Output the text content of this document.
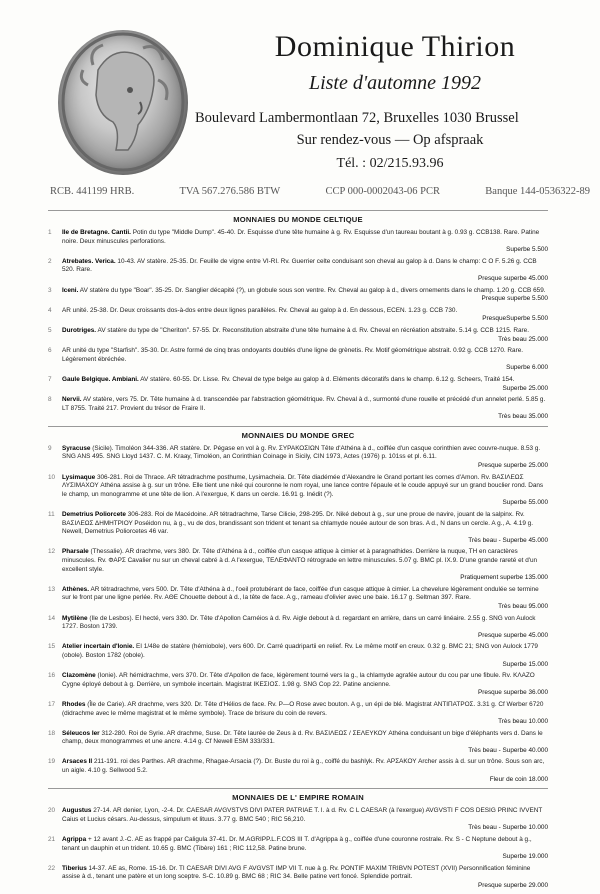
Dominique Thirion
Liste d'automne 1992
Boulevard Lambermontlaan 72, Bruxelles 1030 Brussel
Sur rendez-vous — Op afspraak
Tél. : 02/215.93.96
RCB. 441199 HRB.	TVA 567.276.586 BTW	CCP 000-0002043-06 PCR	Banque 144-0536322-89
MONNAIES DU MONDE CELTIQUE
1 Ile de Bretagne. Cantii. Potin du type "Middle Dump". 45-40. Dr. Esquisse d'une tête humaine à g. Rv. Esquisse d'un taureau boutant à g. 0.93 g. CCB138. Rare. Patine noire. Deux minuscules perforations.
Superbe 5.500
2 Atrebates. Verica. 10-43. AV statère. 25-35. Dr. Feuille de vigne entre VI-RI. Rv. Guerrier celte conduisant son cheval au galop à d. Dans le champ: C O F. 5.26 g. CCB 520. Rare.
Presque superbe 45.000
3 Iceni. AV statère du type "Boar". 35-25. Dr. Sanglier décapité (?), un globule sous son ventre. Rv. Cheval au galop à d., divers ornements dans le champ. 1.20 g. CCB 659.
Presque superbe 5.500
4 AR unité. 25-38. Dr. Deux croissants dos-à-dos entre deux lignes parallèles. Rv. Cheval au galop à d. En dessous, ECEN. 1.23 g. CCB 730.
PresqueSuperbe 5.500
5 Durotriges. AV statère du type de "Cheriton". 57-55. Dr. Reconstitution abstraite d'une tête humaine à d. Rv. Cheval en récréation abstraite. 5.14 g. CCB 1215. Rare.
Très beau 25.000
6 AR unité du type "Starfish". 35-30. Dr. Astre formé de cinq bras ondoyants doublés d'une ligne de grènetis. Rv. Motif géométrique abstrait. 0.92 g. CCB 1270. Rare. Légèrement ébréchée.
Superbe 6.000
7 Gaule Belgique. Ambiani. AV statère. 60-55. Dr. Lisse. Rv. Cheval de type belge au galop à d. Eléments décoratifs dans le champ. 6.12 g. Scheers, Traité 154.
Superbe 25.000
8 Nervii. AV statère, vers 75. Dr. Tête humaine à d. transcendée par l'abstraction géométrique. Rv. Cheval à d., surmonté d'une rouelle et précédé d'un annelet perlé. 5.85 g. LT 8755. Traité 217. Provient du trésor de Fraire II.
Très beau 35.000
MONNAIES DU MONDE GREC
9 Syracuse (Sicile). Timoléon 344-336. AR statère. Dr. Pégase en vol à g. Rv. ΣΥΡΑΚΟΣΙΩΝ Tête d'Athéna à d., coiffée d'un casque corinthien avec couvre-nuque. 8.53 g. SNG ANS 495. SNG Lloyd 1437. C. M. Kraay, Timoléon, an Corinthian Coinage in Sicily, CIN 1973, Actes (1976) p. 101ss et pl. 6.11.
Presque superbe 25.000
10 Lysimaque 306-281. Roi de Thrace. AR tétradrachme posthume, Lysimacheia. Dr. Tête diadémée d'Alexandre le Grand portant les cornes d'Amon. Rv. ΒΑΣΙΛΕΩΣ ΛΥΣΙΜΑΧΟΥ Athéna assise à g. sur un trône. Elle tient une niké qui couronne le nom royal, une lance contre l'épaule et le coude appuyé sur un grand bouclier rond. Dans le champ, un monogramme et une tête de lion. A l'exergue, K dans un cercle. 16.91 g. Inédit (?).
Superbe 55.000
11 Demetrius Poliorcete 306-283. Roi de Macédoine. AR tétradrachme, Tarse Cilicie, 298-295. Dr. Niké debout à g., sur une proue de navire, jouant de la salpinx. Rv. ΒΑΣΙΛΕΩΣ ΔΗΜΗΤΡΙΟΥ Poséidon nu, à g., vu de dos, brandissant son trident et tenant sa chlamyde nouée autour de son bras. A d., N dans un cercle. A g., A. 4.19 g. Newell, Demetrius Poliorcetes 46 var.
Très beau - Superbe 45.000
12 Pharsale (Thessalie). AR drachme, vers 380. Dr. Tête d'Athéna à d., coiffée d'un casque attique à cimier et à paragnathides. Derrière la nuque, TH en caractères minuscules. Rv. ΦΑΡΣ Cavalier nu sur un cheval cabré à d. A l'exergue, ΤΕΛΕΦΑΝΤΟ rétrograde en lettre minuscules. 5.07 g. BMC pl. IX.9. D'une grande rareté et d'un excellent style.
Pratiquement superbe 135.000
13 Athènes. AR tétradrachme, vers 500. Dr. Tête d'Athéna à d., l'oeil protubérant de face, coiffée d'un casque attique à cimier. La chevelure légèrement ondulée se termine sur le front par une ligne perlée. Rv. AΘE Chouette debout à d., la tête de face. A g., rameau d'olivier avec une baie. 16.17 g. Seltman 397. Rare.
Très beau 95.000
14 Mytilène (Ile de Lesbos). EI hecté, vers 330. Dr. Tête d'Apollon Carnéios à d. Rv. Aigle debout à d. regardant en arrière, dans un carré linéaire. 2.55 g. SNG von Aulock 1727. Boston 1739.
Presque superbe 45.000
15 Atelier incertain d'Ionie. EI 1/48e de statère (hémiobole), vers 600. Dr. Carré quadripartii en relief. Rv. Le même motif en creux. 0.32 g. BMC 21; SNG von Aulock 1779 (obole). Boston 1782 (obole).
Superbe 15.000
16 Clazomène (Ionie). AR hémidrachme, vers 370. Dr. Tête d'Apollon de face, légèrement tourné vers la g., la chlamyde agrafée autour du cou par une fibule. Rv. ΚΛΑΖΟ Cygne éployé debout à g. Derrière, un symbole incertain. Magistrat ΙΚΕΣΙΟΣ. 1.98 g. SNG Cop 22. Patine ancienne.
Presque superbe 36.000
17 Rhodes (Île de Carie). AR drachme, vers 320. Dr. Tête d'Hélios de face. Rv. P—O Rose avec bouton. A g., un épi de blé. Magistrat ΑΝΤΙΠΑΤΡΟΣ. 3.31 g. Cf Werber 6720 (didrachme avec le même magistrat et le même symbole). Trace de brisure du coin de revers.
Très beau 10.000
18 Séleucos Ier 312-280. Roi de Syrie. AR drachme, Suse. Dr. Tête laurée de Zeus à d. Rv. ΒΑΣΙΛΕΩΣ / ΣΕΛΕΥΚΟΥ Athéna conduisant un bige d'éléphants vers d. Dans le champ, deux monogrammes et une ancre. 4.14 g. Cf Newell ESM 333/331.
Très beau - Superbe 40.000
19 Arsaces II 211-191. roi des Parthes. AR drachme, Rhagae-Arsacia (?). Dr. Buste du roi à g., coiffé du bashlyk. Rv. ΑΡΣΑΚΟΥ Archer assis à d. sur un trône. Sous son arc, un aigle. 4.10 g. Sellwood 5.2.
Fleur de coin 18.000
MONNAIES DE L' EMPIRE ROMAIN
20 Augustus 27-14. AR denier, Lyon, -2-4. Dr. CAESAR AVGVSTVS DIVI PATER PATRIAE T. l. à d. Rv. C L CAESAR (à l'exergue) AVGVSTI F COS DESIG PRINC IVVENT Caius et Lucius césars. Au-dessus, simpulum et lituus. 3.77 g. BMC 540 ; RIC 56,210.
Très beau - Superbe 10.000
21 Agrippa + 12 avant J.-C. AE as frappé par Caligula 37-41. Dr. M.AGRIPP.L.F.COS III T. d'Agrippa à g., coiffée d'une couronne rostrale. Rv. S - C Neptune debout à g., tenant un dauphin et un trident. 10.65 g. BMC (Tibère) 161 ; RIC 112,58. Patine brune.
Superbe 19.000
22 Tiberius 14-37. AE as, Rome. 15-16. Dr. TI CAESAR DIVI AVG F AVGVST IMP VII T. nue à g. Rv. PONTIF MAXIM TRIBVN POTEST (XVII) Personnification féminine assise à d., tenant une patère et un long sceptre. S-C. 10.89 g. BMC 68 ; RIC 34. Belle patine vert foncé. Splendide portrait.
Presque superbe 29.000
